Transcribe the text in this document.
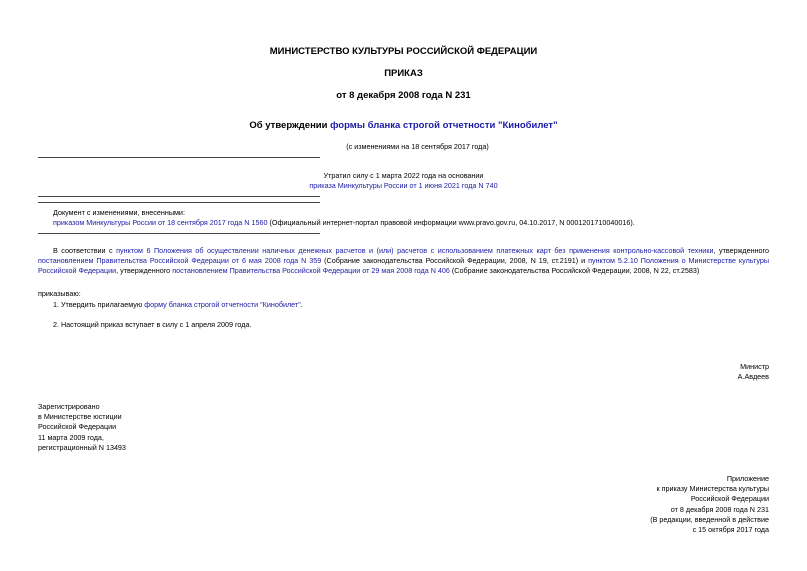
МИНИСТЕРСТВО КУЛЬТУРЫ РОССИЙСКОЙ ФЕДЕРАЦИИ
ПРИКАЗ
от 8 декабря 2008 года N 231
Об утверждении формы бланка строгой отчетности "Кинобилет"
(с изменениями на 18 сентября 2017 года)
Утратил силу с 1 марта 2022 года на основании
приказа Минкультуры России от 1 июня 2021 года N 740
Документ с изменениями, внесенными:
приказом Минкультуры России от 18 сентября 2017 года N 1560 (Официальный интернет-портал правовой информации www.pravo.gov.ru, 04.10.2017, N 0001201710040016).
В соответствии с пунктом 6 Положения об осуществлении наличных денежных расчетов и (или) расчетов с использованием платежных карт без применения контрольно-кассовой техники, утвержденного постановлением Правительства Российской Федерации от 6 мая 2008 года N 359 (Собрание законодательства Российской Федерации, 2008, N 19, ст.2191) и пунктом 5.2.10 Положения о Министерстве культуры Российской Федерации, утвержденного постановлением Правительства Российской Федерации от 29 мая 2008 года N 406 (Собрание законодательства Российской Федерации, 2008, N 22, ст.2583)
приказываю:
1. Утвердить прилагаемую форму бланка строгой отчетности "Кинобилет".
2. Настоящий приказ вступает в силу с 1 апреля 2009 года.
Министр
А.Авдеев
Зарегистрировано
в Министерстве юстиции
Российской Федерации
11 марта 2009 года,
регистрационный N 13493
Приложение
к приказу Министерства культуры
Российской Федерации
от 8 декабря 2008 года N 231
(В редакции, введенной в действие
с 15 октября 2017 года
